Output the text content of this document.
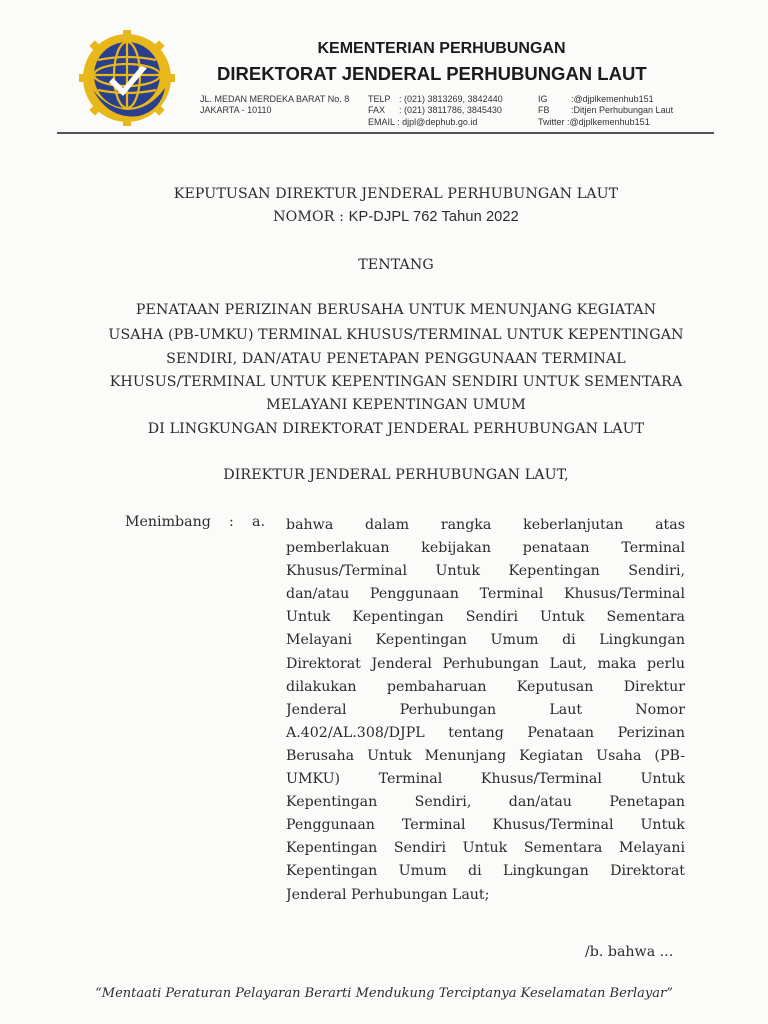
KEMENTERIAN PERHUBUNGAN
DIREKTORAT JENDERAL PERHUBUNGAN LAUT
JL. MEDAN MERDEKA BARAT No. 8
JAKARTA - 10110
TELP : (021) 3813269, 3842440
FAX : (021) 3811786, 3845430
EMAIL : djpl@dephub.go.id
IG	:@djplkemenhub151
FB :Ditjen Perhubungan Laut
Twitter :@djplkemenhub151
KEPUTUSAN DIREKTUR JENDERAL PERHUBUNGAN LAUT
NOMOR : KP-DJPL 762 Tahun 2022
TENTANG
PENATAAN PERIZINAN BERUSAHA UNTUK MENUNJANG KEGIATAN
USAHA (PB-UMKU) TERMINAL KHUSUS/TERMINAL UNTUK KEPENTINGAN
SENDIRI, DAN/ATAU PENETAPAN PENGGUNAAN TERMINAL
KHUSUS/TERMINAL UNTUK KEPENTINGAN SENDIRI UNTUK SEMENTARA
MELAYANI KEPENTINGAN UMUM
DI LINGKUNGAN DIREKTORAT JENDERAL PERHUBUNGAN LAUT
DIREKTUR JENDERAL PERHUBUNGAN LAUT,
Menimbang : a. bahwa dalam rangka keberlanjutan atas
pemberlakuan kebijakan penataan Terminal
Khusus/Terminal Untuk Kepentingan Sendiri,
dan/atau Penggunaan Terminal Khusus/Terminal
Untuk Kepentingan Sendiri Untuk Sementara
Melayani Kepentingan Umum di Lingkungan
Direktorat Jenderal Perhubungan Laut, maka perlu
dilakukan pembaharuan Keputusan Direktur
Jenderal Perhubungan Laut Nomor
A.402/AL.308/DJPL tentang Penataan Perizinan
Berusaha Untuk Menunjang Kegiatan Usaha (PB-
UMKU) Terminal Khusus/Terminal Untuk
Kepentingan Sendiri, dan/atau Penetapan
Penggunaan Terminal Khusus/Terminal Untuk
Kepentingan Sendiri Untuk Sementara Melayani
Kepentingan Umum di Lingkungan Direktorat
Jenderal Perhubungan Laut;
/b. bahwa ...
“Mentaati Peraturan Pelayaran Berarti Mendukung Terciptanya Keselamatan Berlayar”
